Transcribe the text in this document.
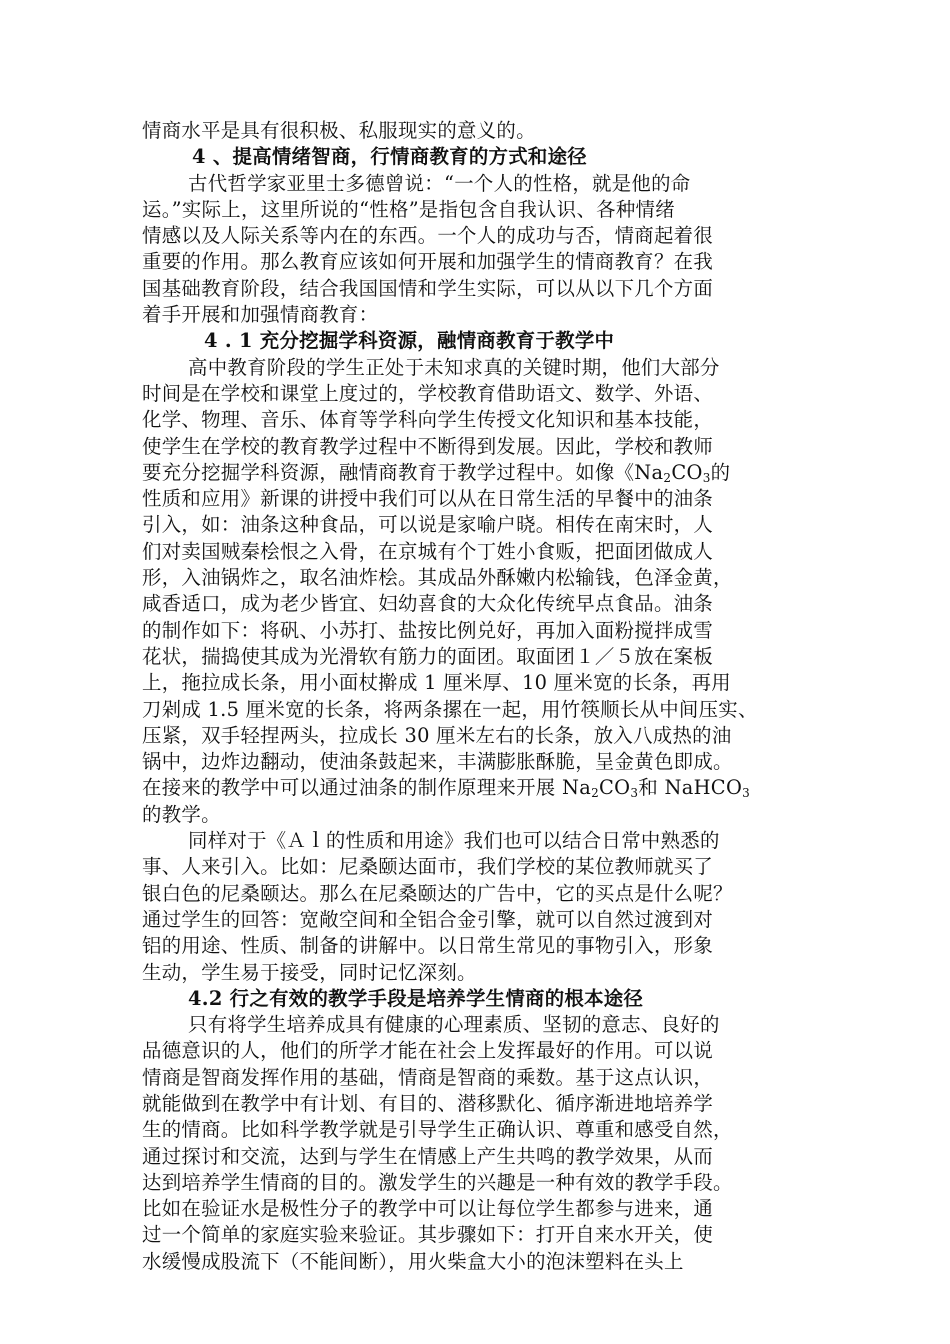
情商水平是具有很积极、私服现实的意义的。
4 、提高情绪智商，行情商教育的方式和途径
古代哲学家亚里士多德曾说：“一个人的性格，就是他的命
运。”实际上，这里所说的“性格”是指包含自我认识、各种情绪
情感以及人际关系等内在的东西。一个人的成功与否，情商起着很
重要的作用。那么教育应该如何开展和加强学生的情商教育？在我
国基础教育阶段，结合我国国情和学生实际，可以从以下几个方面
着手开展和加强情商教育：
4 . 1 充分挖掘学科资源，融情商教育于教学中
高中教育阶段的学生正处于未知求真的关键时期，他们大部分
时间是在学校和课堂上度过的，学校教育借助语文、数学、外语、
化学、物理、音乐、体育等学科向学生传授文化知识和基本技能，
使学生在学校的教育教学过程中不断得到发展。因此，学校和教师
要充分挖掘学科资源，融情商教育于教学过程中。如像《$Na_2CO_3$的
性质和应用》新课的讲授中我们可以从在日常生活的早餐中的油条
引入，如：油条这种食品，可以说是家喻户晓。相传在南宋时，人
们对卖国贼秦桧恨之入骨，在京城有个丁姓小食贩，把面团做成人
形，入油锅炸之，取名油炸桧。其成品外酥嫩内松输钱，色泽金黄，
咸香适口，成为老少皆宜、妇幼喜食的大众化传统早点食品。油条
的制作如下：将矾、小苏打、盐按比例兑好，再加入面粉搅拌成雪
花状，揣捣使其成为光滑软有筋力的面团。取面团１／５放在案板
上，拖拉成长条，用小面杖擀成 1 厘米厚、10 厘米宽的长条，再用
刀剁成 1.5 厘米宽的长条，将两条摞在一起，用竹筷顺长从中间压实、
压紧，双手轻捏两头，拉成长 30 厘米左右的长条，放入八成热的油
锅中，边炸边翻动，使油条鼓起来，丰满膨胀酥脆，呈金黄色即成。
在接来的教学中可以通过油条的制作原理来开展 $Na_2CO_3$和 NaHCO$_3$
的教学。
同样对于《Ａｌ的性质和用途》我们也可以结合日常中熟悉的
事、人来引入。比如：尼桑颐达面市，我们学校的某位教师就买了
银白色的尼桑颐达。那么在尼桑颐达的广告中，它的买点是什么呢？
通过学生的回答：宽敞空间和全铝合金引擎，就可以自然过渡到对
铝的用途、性质、制备的讲解中。以日常生常见的事物引入，形象
生动，学生易于接受，同时记忆深刻。
4.2 行之有效的教学手段是培养学生情商的根本途径
只有将学生培养成具有健康的心理素质、坚韧的意志、良好的
品德意识的人，他们的所学才能在社会上发挥最好的作用。可以说
情商是智商发挥作用的基础，情商是智商的乘数。基于这点认识，
就能做到在教学中有计划、有目的、潜移默化、循序渐进地培养学
生的情商。比如科学教学就是引导学生正确认识、尊重和感受自然，
通过探讨和交流，达到与学生在情感上产生共鸣的教学效果，从而
达到培养学生情商的目的。激发学生的兴趣是一种有效的教学手段。
比如在验证水是极性分子的教学中可以让每位学生都参与进来，通
过一个简单的家庭实验来验证。其步骤如下：打开自来水开关，使
水缓慢成股流下（不能间断），用火柴盒大小的泡沫塑料在头上
